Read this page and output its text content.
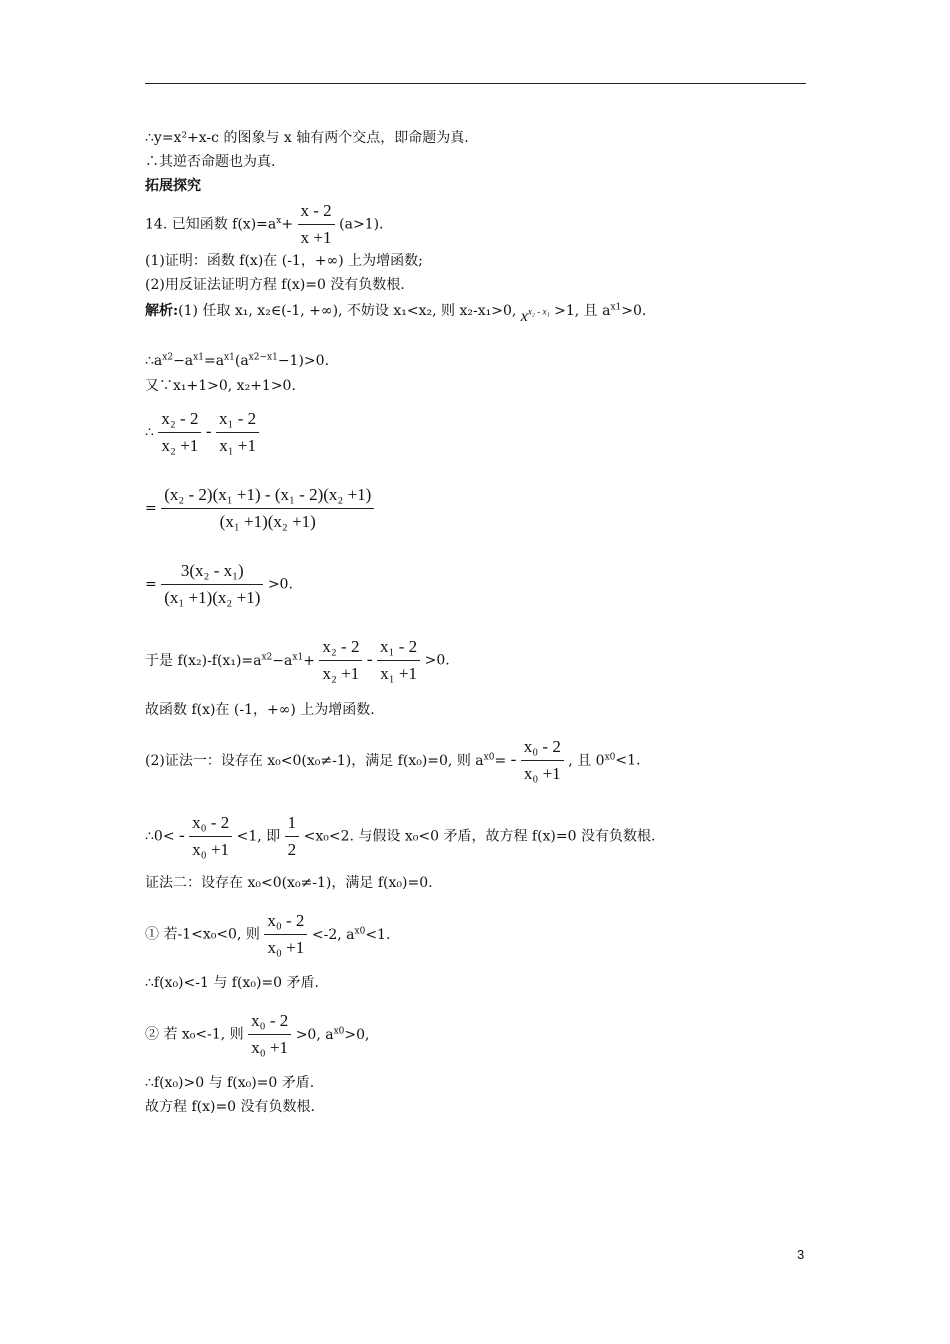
∴y=x²+x-c 的图象与 x 轴有两个交点，即命题为真.
∴其逆否命题也为真.
拓展探究
14. 已知函数 $f(x)=a^x+ \frac{x - 2}{x +1} (a>1)$.
(1)证明：函数 f(x)在 (-1，+∞) 上为增函数;
(2)用反证法证明方程 f(x)=0 没有负数根.
解析:(1) 任取 x₁, x₂∈(-1, +∞), 不妨设 x₁<x₂, 则 x₂-x₁>0, $x^{x_2 - x_1} >1$, 且 $a^{x1}>0$.
$\therefore a^{x2}-a^{x1}=a^{x1}(a^{x2-x1}-1)>0$.
又∵x₁+1>0, x₂+1>0.
∴ $\frac{\text{x₂ - 2}}{\text{x₂ +1}} - \frac{\text{x₁ - 2}}{\text{x₁ +1}}$
= $\frac{\text{(x₂ - 2)(x₁ +1) - (x₁ - 2)(x₂ +1)}}{\text{(x₁ +1)(x₂ +1)}}$
= $\frac{\text{3(x₂ - x₁)}}{\text{(x₁ +1)(x₂ +1)}} >0$.
于是 $f(x_2)-f(x_1)=a^{x2}-a^{x1}+ \frac{\text{x₂ - 2}}{\text{x₂ +1}} - \frac{\text{x₁ - 2}}{\text{x₁ +1}} >0$.
故函数 f(x)在 (-1，+∞) 上为增函数.
(2)证法一：设存在 x₀<0(x₀≠-1)，满足 f(x₀)=0, 则 $a^{x0}= - \frac{\text{x₀ - 2}}{\text{x₀ +1}}$ , 且 $0^{x0}<1$.
∴0< - $\frac{\text{x₀ - 2}}{\text{x₀ +1}} <1$, 即 $\frac{1}{2} <x_0<2$. 与假设 x₀<0 矛盾，故方程 f(x)=0 没有负数根.
证法二：设存在 x₀<0(x₀≠-1)，满足 f(x₀)=0.
① 若-1<x₀<0, 则 $\frac{\text{x₀ - 2}}{\text{x₀ +1}} <-2$, $a^{x0}<1$.
∴f(x₀)<-1 与 f(x₀)=0 矛盾.
② 若 x₀<-1, 则 $\frac{\text{x₀ - 2}}{\text{x₀ +1}} >0$, $a^{x0}>0$,
∴f(x₀)>0 与 f(x₀)=0 矛盾.
故方程 f(x)=0 没有负数根.
3
